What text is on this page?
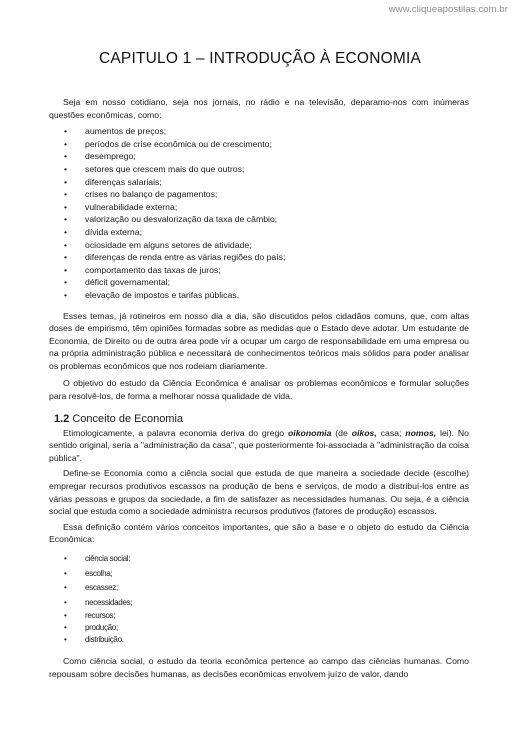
www.cliqueapostilas.com.br
CAPITULO 1 – INTRODUÇÃO À ECONOMIA

Seja em nosso cotidiano, seja nos jornais, no rádio e na televisão, deparamo-nos com inúmeras questões econômicas, como:

• aumentos de preços;
• períodos de crise econômica ou de crescimento;
• desemprego;
• setores que crescem mais do que outros;
• diferenças salariais;
• crises no balanço de pagamentos;
• vulnerabilidade externa;
• valorização ou desvalorização da taxa de câmbio;
• dívida externa;
• ociosidade em alguns setores de atividade;
• diferenças de renda entre as várias regiões do país;
• comportamento das taxas de juros;
• déficit governamental;
• elevação de impostos e tarifas públicas.

Esses temas, já rotineiros em nosso dia a dia, são discutidos pelos cidadãos comuns, que, com altas doses de empirismo, têm opiniões formadas sobre as medidas que o Estado deve adotar. Um estudante de Economia, de Direito ou de outra área pode vir a ocupar um cargo de responsabilidade em uma empresa ou na própria administração pública e necessitará de conhecimentos teóricos mais sólidos para poder analisar os problemas econômicos que nos rodeiam diariamente.

O objetivo do estudo da Ciência Econômica é analisar os problemas econômicos e formular soluções para resolvê-los, de forma a melhorar nossa qualidade de vida.

1.2 Conceito de Economia

Etimologicamente, a palavra economia deriva do grego oikonomia (de oikos, casa; nomos, lei). No sentido original, seria a "administração da casa", que posteriormente foi-associada à "administração da coisa pública".

Define-se Economia como a ciência social que estuda de que maneira a sociedade decide (escolhe) empregar recursos produtivos escassos na produção de bens e serviços, de modo a distribuí-los entre as várias pessoas e grupos da sociedade, a fim de satisfazer as necessidades humanas. Ou seja, é a ciência social que estuda como a sociedade administra recursos produtivos (fatores de produção) escassos.

Essa definição contém vários conceitos importantes, que são a base e o objeto do estudo da Ciência Econômica:

• ciência social;
• escolha;
• escassez;
• necessidades;
• recursos;
• produção;
• distribuição.

Como ciência social, o estudo da teoria econômica pertence ao campo das ciências humanas. Como repousam sobre decisões humanas, as decisões econômicas envolvem juízo de valor, dando
